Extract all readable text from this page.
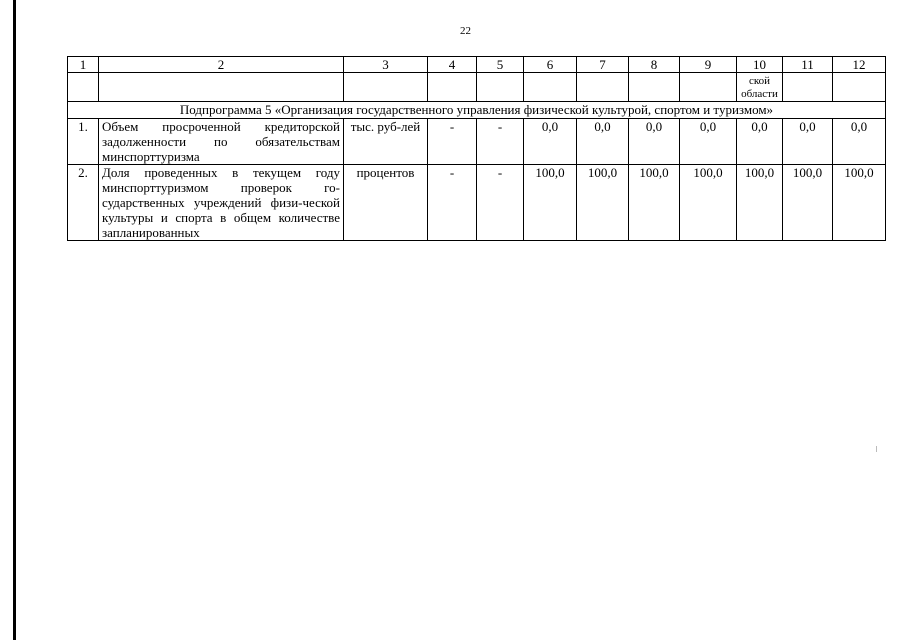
22
1	2	3	4	5	6	7	8	9	10	11	12
									ской области		
Подпрограмма 5 «Организация государственного управления физической культурой, спортом и туризмом»											
1.	Объем просроченной кредиторской задолженности по обязательствам минспорттуризма	тыс. руб-лей	-	-	0,0	0,0	0,0	0,0	0,0	0,0	0,0
2.	Доля проведенных в текущем году минспорттуризмом проверок го-сударственных учреждений физи-ческой культуры и спорта в общем количестве запланированных	процентов	-	-	100,0	100,0	100,0	100,0	100,0	100,0	100,0
